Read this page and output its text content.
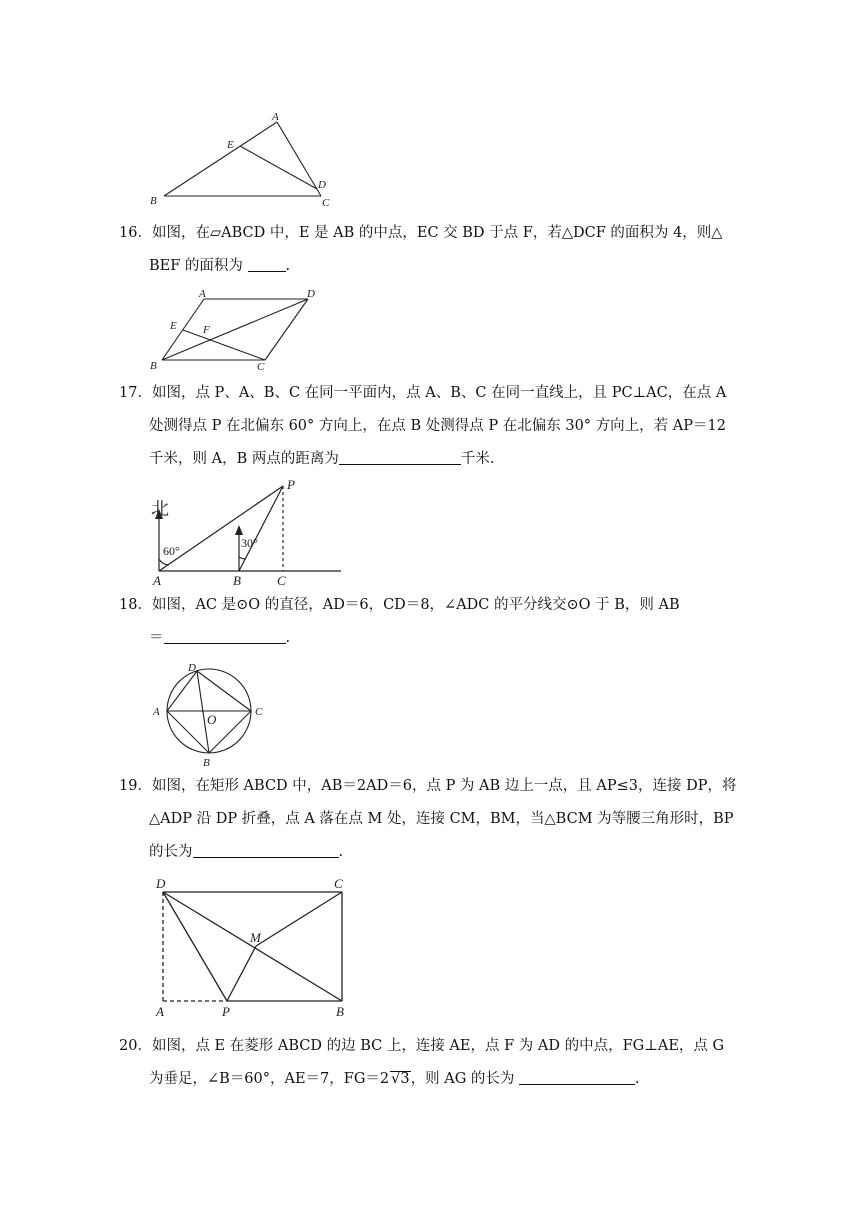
A
E
D
B	C
16．如图，在▱ABCD 中，E 是 AB 的中点，EC 交 BD 于点 F，若△DCF 的面积为 4，则△
BEF 的面积为	.
A	D
E F
B	C
17．如图，点 P、A、B、C 在同一平面内，点 A、B、C 在同一直线上，且 PC⊥AC，在点 A
处测得点 P 在北偏东 60° 方向上，在点 B 处测得点 P 在北偏东 30° 方向上，若 AP＝12
千米，则 A，B 两点的距离为	千米.
北
60°
30°
P
A	B	C
18．如图，AC 是⊙O 的直径，AD＝6，CD＝8，∠ADC 的平分线交⊙O 于 B，则 AB
＝	.
D
A	O	C
B
19．如图，在矩形 ABCD 中，AB＝2AD＝6，点 P 为 AB 边上一点，且 AP≤3，连接 DP，将
△ADP 沿 DP 折叠，点 A 落在点 M 处，连接 CM，BM，当△BCM 为等腰三角形时，BP
的长为	.
D	C
M
A	P	B
20．如图，点 E 在菱形 ABCD 的边 BC 上，连接 AE，点 F 为 AD 的中点，FG⊥AE，点 G
为垂足，∠B＝60°，AE＝7，FG＝2 √3，则 AG 的长为	.
